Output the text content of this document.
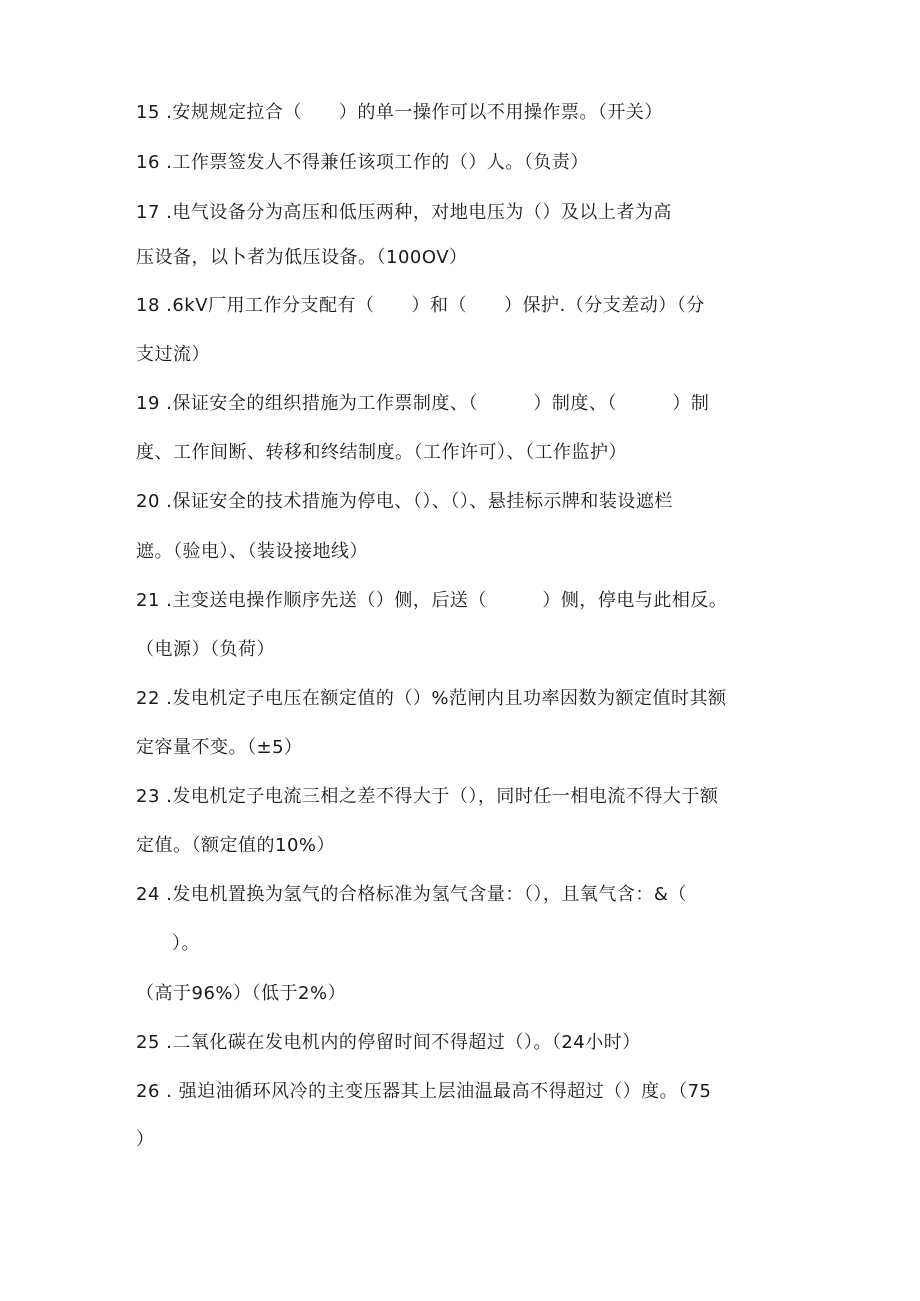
15 .安规规定拉合（　　）的单一操作可以不用操作票。（开关）
16 .工作票签发人不得兼任该项工作的（）人。（负责）
17 .电气设备分为高压和低压两种，对地电压为（）及以上者为高
压设备，以卜者为低压设备。（100OV）
18 .6kV厂用工作分支配有（　　）和（　　）保护.（分支差动）（分
支过流）
19 .保证安全的组织措施为工作票制度、（　　　）制度、（　　　）制
度、工作间断、转移和终结制度。（工作许可）、（工作监护）
20 .保证安全的技术措施为停电、（）、（）、悬挂标示牌和装设遮栏
遮。（验电）、（装设接地线）
21 .主变送电操作顺序先送（）侧，后送（　　　）侧，停电与此相反。
（电源）（负荷）
22 .发电机定子电压在额定值的（）%范闸内且功率因数为额定值时其额
定容量不变。（±5）
23 .发电机定子电流三相之差不得大于（），同时任一相电流不得大于额
定值。（额定值的10%）
24 .发电机置换为氢气的合格标准为氢气含量：（），且氧气含：&（
）。
（高于96%）（低于2%）
25 .二氧化碳在发电机内的停留时间不得超过（）。（24小时）
26 . 强迫油循环风冷的主变压器其上层油温最高不得超过（）度。（75
）
